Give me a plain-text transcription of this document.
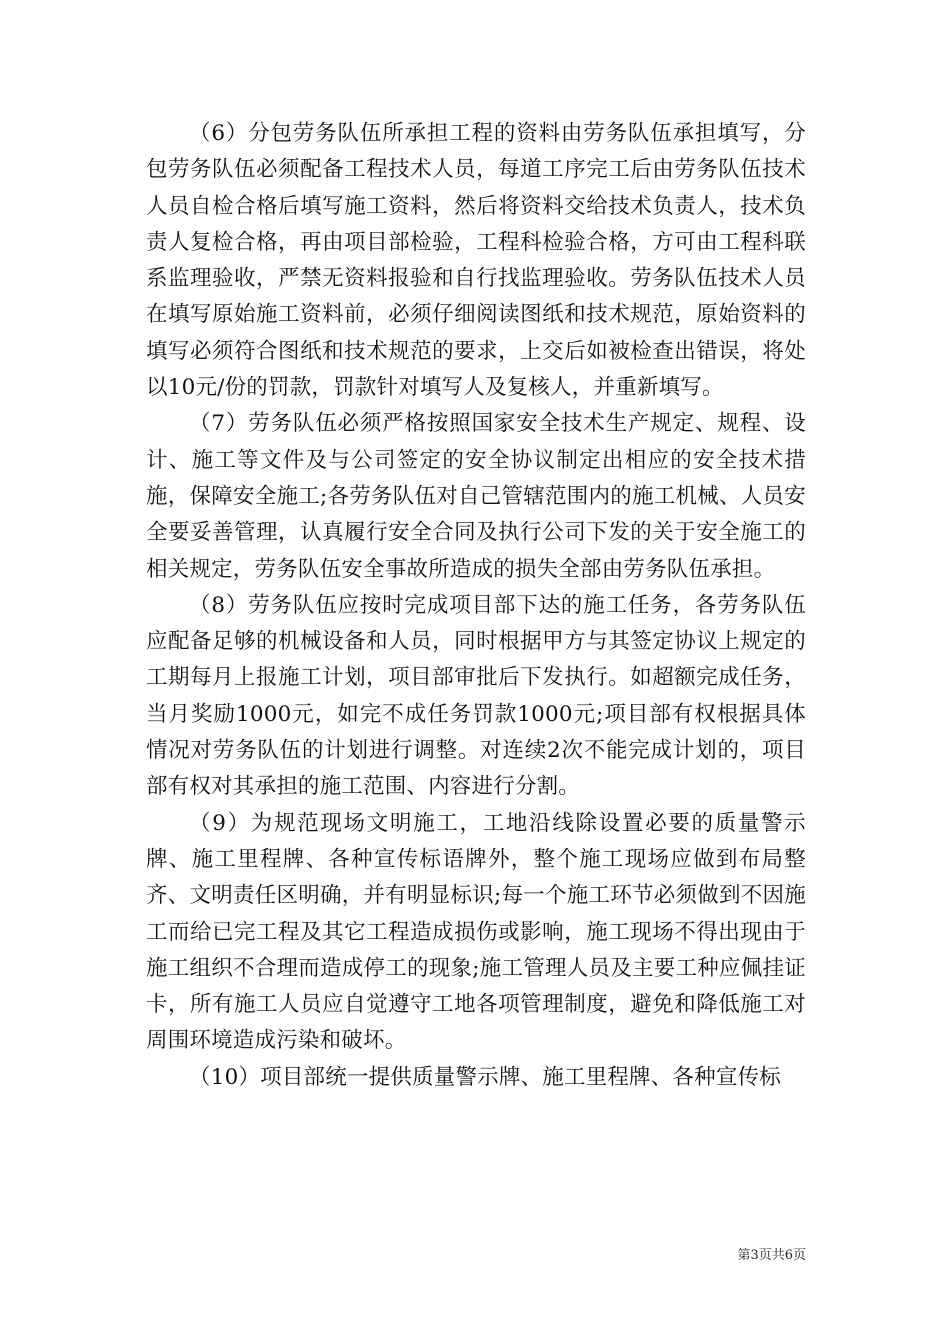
（6）分包劳务队伍所承担工程的资料由劳务队伍承担填写，分包劳务队伍必须配备工程技术人员，每道工序完工后由劳务队伍技术人员自检合格后填写施工资料，然后将资料交给技术负责人，技术负责人复检合格，再由项目部检验，工程科检验合格，方可由工程科联系监理验收，严禁无资料报验和自行找监理验收。劳务队伍技术人员在填写原始施工资料前，必须仔细阅读图纸和技术规范，原始资料的填写必须符合图纸和技术规范的要求，上交后如被检查出错误，将处以10元/份的罚款，罚款针对填写人及复核人，并重新填写。

（7）劳务队伍必须严格按照国家安全技术生产规定、规程、设计、施工等文件及与公司签定的安全协议制定出相应的安全技术措施，保障安全施工;各劳务队伍对自己管辖范围内的施工机械、人员安全要妥善管理，认真履行安全合同及执行公司下发的关于安全施工的相关规定，劳务队伍安全事故所造成的损失全部由劳务队伍承担。

（8）劳务队伍应按时完成项目部下达的施工任务，各劳务队伍应配备足够的机械设备和人员，同时根据甲方与其签定协议上规定的工期每月上报施工计划，项目部审批后下发执行。如超额完成任务，当月奖励1000元，如完不成任务罚款1000元;项目部有权根据具体情况对劳务队伍的计划进行调整。对连续2次不能完成计划的，项目部有权对其承担的施工范围、内容进行分割。

（9）为规范现场文明施工，工地沿线除设置必要的质量警示牌、施工里程牌、各种宣传标语牌外，整个施工现场应做到布局整齐、文明责任区明确，并有明显标识;每一个施工环节必须做到不因施工而给已完工程及其它工程造成损伤或影响，施工现场不得出现由于施工组织不合理而造成停工的现象;施工管理人员及主要工种应佩挂证卡，所有施工人员应自觉遵守工地各项管理制度，避免和降低施工对周围环境造成污染和破坏。

（10）项目部统一提供质量警示牌、施工里程牌、各种宣传标

第3页共6页
